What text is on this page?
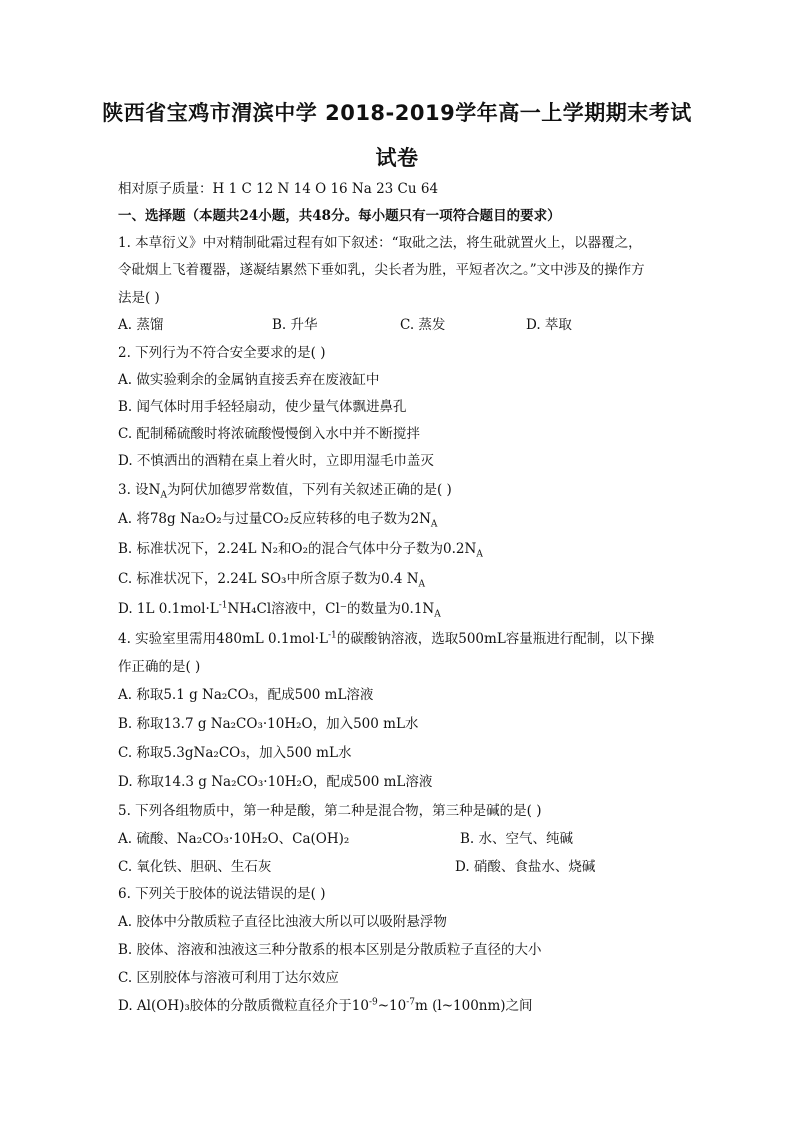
陕西省宝鸡市渭滨中学 2018-2019学年高一上学期期末考试
试卷
相对原子质量：H 1 C 12 N 14 O 16 Na 23 Cu 64
一、选择题（本题共24小题，共48分。每小题只有一项符合题目的要求）
1. 本草衍义》中对精制砒霜过程有如下叙述：“取砒之法，将生砒就置火上，以器覆之，
令砒烟上飞着覆器，遂凝结累然下垂如乳，尖长者为胜，平短者次之。”文中涉及的操作方
法是( )
A. 蒸馏	B. 升华	C. 蒸发	D. 萃取
2. 下列行为不符合安全要求的是( )
A. 做实验剩余的金属钠直接丢弃在废液缸中
B. 闻气体时用手轻轻扇动，使少量气体飘进鼻孔
C. 配制稀硫酸时将浓硫酸慢慢倒入水中并不断搅拌
D. 不慎洒出的酒精在桌上着火时，立即用湿毛巾盖灭
3. 设$N_A$为阿伏加德罗常数值，下列有关叙述正确的是( )
A. 将78g Na₂O₂与过量CO₂反应转移的电子数为$2N_A$
B. 标准状况下，2.24L N₂和O₂的混合气体中分子数为$0.2N_A$
C. 标准状况下，2.24L SO₃中所含原子数为0.4 $N_A$
D. 1L $0.1mol\cdot L^{-1}NH_4Cl$溶液中，Cl⁻的数量为$0.1N_A$
4. 实验室里需用480mL $0.1mol\cdot L^{-1}$的碳酸钠溶液，选取500mL容量瓶进行配制，以下操
作正确的是( )
A. 称取5.1 g Na₂CO₃，配成500 mL溶液
B. 称取13.7 g Na₂CO₃·10H₂O，加入500 mL水
C. 称取5.3gNa₂CO₃，加入500 mL水
D. 称取14.3 g Na₂CO₃·10H₂O，配成500 mL溶液
5. 下列各组物质中，第一种是酸，第二种是混合物，第三种是碱的是( )
A. 硫酸、Na₂CO₃·10H₂O、Ca(OH)₂	B. 水、空气、纯碱
C. 氧化铁、胆矾、生石灰	D. 硝酸、食盐水、烧碱
6. 下列关于胶体的说法错误的是( )
A. 胶体中分散质粒子直径比浊液大所以可以吸附悬浮物
B. 胶体、溶液和浊液这三种分散系的根本区别是分散质粒子直径的大小
C. 区别胶体与溶液可利用丁达尔效应
D. Al(OH)₃胶体的分散质微粒直径介于$10^{-9}\sim 10^{-7}m$ (l~100nm)之间
